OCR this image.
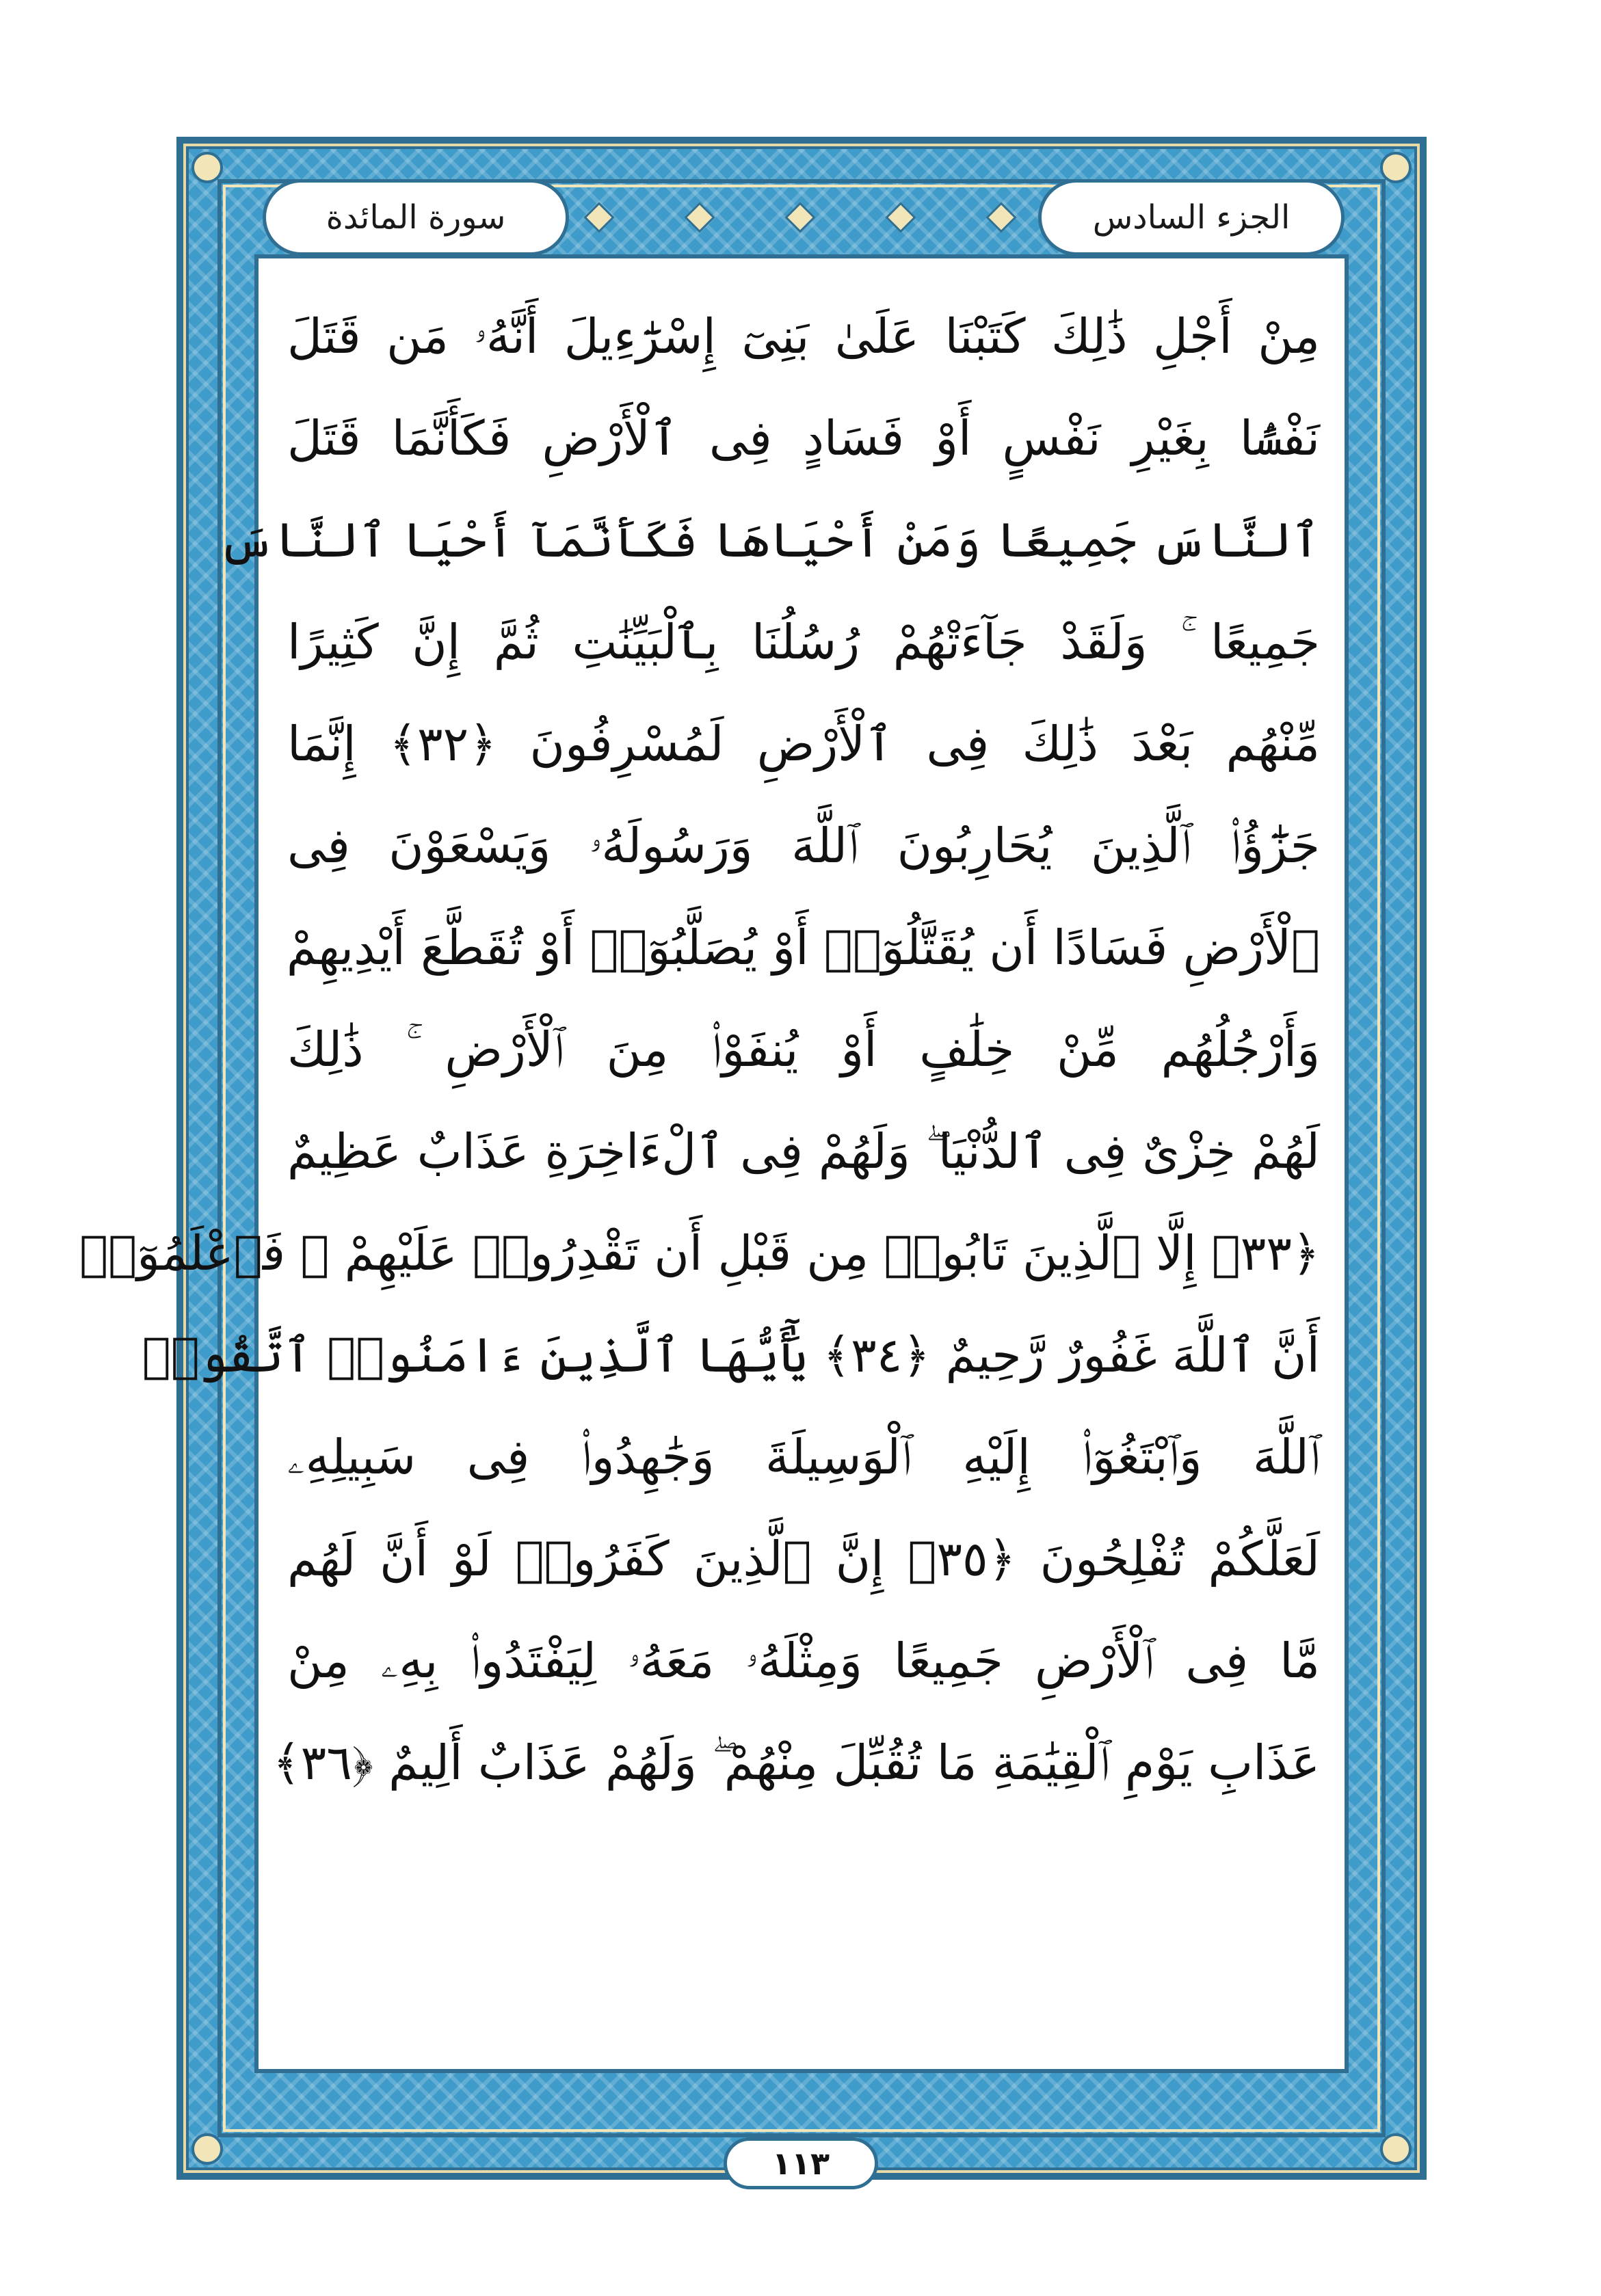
سورة المائدة	الجزء السادس
مِنْ أَجْلِ ذَٰلِكَ كَتَبْنَا عَلَىٰ بَنِىٓ إِسْرَٰٓءِيلَ أَنَّهُۥ مَن قَتَلَ
نَفْسًۢا بِغَيْرِ نَفْسٍ أَوْ فَسَادٍ فِى ٱلْأَرْضِ فَكَأَنَّمَا قَتَلَ
ٱلنَّاسَ جَمِيعًا وَمَنْ أَحْيَاهَا فَكَأَنَّمَآ أَحْيَا ٱلنَّاسَ
جَمِيعًا ۚ وَلَقَدْ جَآءَتْهُمْ رُسُلُنَا بِٱلْبَيِّنَٰتِ ثُمَّ إِنَّ كَثِيرًا
مِّنْهُم بَعْدَ ذَٰلِكَ فِى ٱلْأَرْضِ لَمُسْرِفُونَ ﴿٣٢﴾ إِنَّمَا
جَزَٰٓؤُا۟ ٱلَّذِينَ يُحَارِبُونَ ٱللَّهَ وَرَسُولَهُۥ وَيَسْعَوْنَ فِى
ٱلْأَرْضِ فَسَادًا أَن يُقَتَّلُوٓا۟ أَوْ يُصَلَّبُوٓا۟ أَوْ تُقَطَّعَ أَيْدِيهِمْ
وَأَرْجُلُهُم مِّنْ خِلَٰفٍ أَوْ يُنفَوْا۟ مِنَ ٱلْأَرْضِ ۚ ذَٰلِكَ
لَهُمْ خِزْىٌ فِى ٱلدُّنْيَا ۖ وَلَهُمْ فِى ٱلْءَاخِرَةِ عَذَابٌ عَظِيمٌ
﴿٣٣﴾ إِلَّا ٱلَّذِينَ تَابُوا۟ مِن قَبْلِ أَن تَقْدِرُوا۟ عَلَيْهِمْ ۖ فَٱعْلَمُوٓا۟
أَنَّ ٱللَّهَ غَفُورٌ رَّحِيمٌ ﴿٣٤﴾ يَٰٓأَيُّهَا ٱلَّذِينَ ءَامَنُوا۟ ٱتَّقُوا۟
ٱللَّهَ وَٱبْتَغُوٓا۟ إِلَيْهِ ٱلْوَسِيلَةَ وَجَٰهِدُوا۟ فِى سَبِيلِهِۦ
لَعَلَّكُمْ تُفْلِحُونَ ﴿٣٥﴾ إِنَّ ٱلَّذِينَ كَفَرُوا۟ لَوْ أَنَّ لَهُم
مَّا فِى ٱلْأَرْضِ جَمِيعًا وَمِثْلَهُۥ مَعَهُۥ لِيَفْتَدُوا۟ بِهِۦ مِنْ
عَذَابِ يَوْمِ ٱلْقِيَٰمَةِ مَا تُقُبِّلَ مِنْهُمْ ۖ وَلَهُمْ عَذَابٌ أَلِيمٌ ﴿٣٦﴾
١١٣
